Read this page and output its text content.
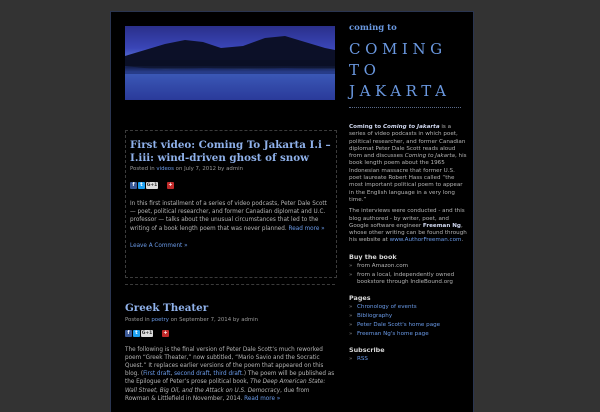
First video: Coming To Jakarta I.i – I.iii: wind-driven ghost of snow
Posted in videos on July 7, 2012 by admin
f	t G+1 +
In this first installment of a series of video podcasts, Peter Dale Scott — poet, political researcher, and former Canadian diplomat and U.C. professor — talks about the unusual circumstances that led to the writing of a book length poem that was never planned. Read more »
Leave A Comment »
Greek Theater
Posted in poetry on September 7, 2014 by admin
f	t G+1 +
The following is the final version of Peter Dale Scott’s much reworked poem “Greek Theater,” now subtitled, “Mario Savio and the Socratic Quest.” It replaces earlier versions of the poem that appeared on this blog. (First draft, second draft, third draft.) The poem will be published as the Epilogue of Peter’s prose political book, The Deep American State: Wall Street, Big Oil, and the Attack on U.S. Democracy, due from Rowman & Littlefield in November, 2014. Read more »
coming to
COMING TO JAKARTA
Coming to Coming to Jakarta is a series of video podcasts in which poet, political researcher, and former Canadian diplomat Peter Dale Scott reads aloud from and discusses Coming to Jakarta, his book length poem about the 1965 Indonesian massacre that former U.S. poet laureate Robert Hass called “the most important political poem to appear in the English language in a very long time.”
The interviews were conducted - and this blog authored - by writer, poet, and Google software engineer Freeman Ng, whose other writing can be found through his website at www.AuthorFreeman.com.
Buy the book
» from Amazon.com
» from a local, independently owned bookstore through IndieBound.org
Pages
» Chronology of events
» Bibliography
» Peter Dale Scott's home page
» Freeman Ng's home page
Subscribe
» RSS
